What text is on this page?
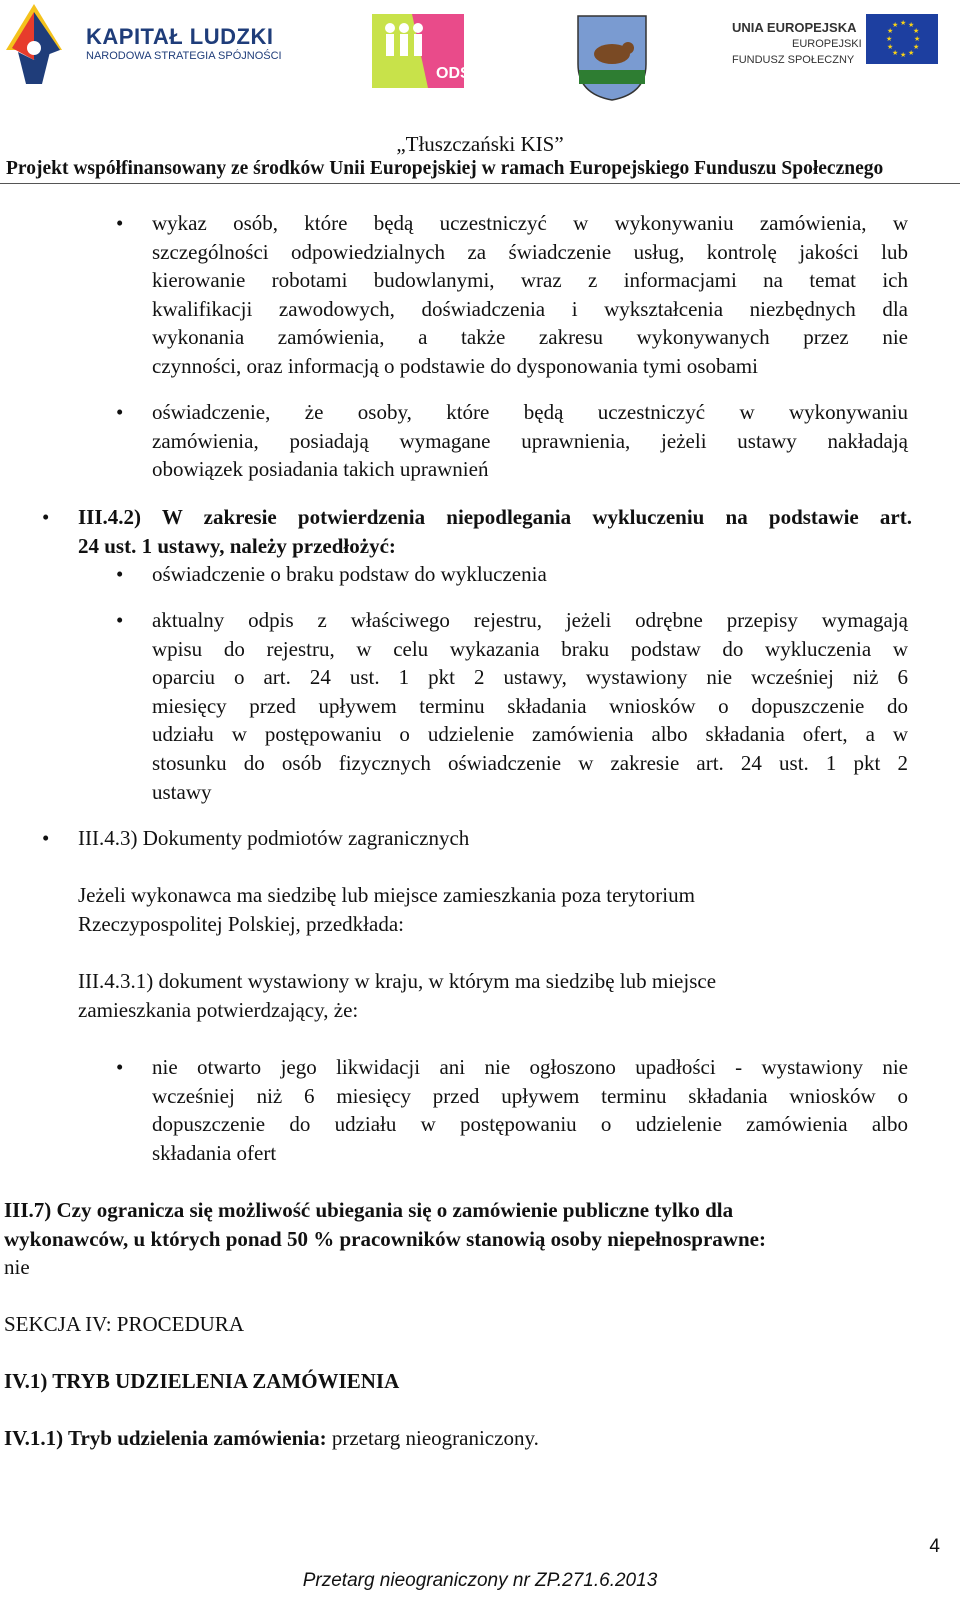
KAPITAŁ LUDZKI
NARODOWA STRATEGIA SPÓJNOŚCI
ODS
UNIA EUROPEJSKA
EUROPEJSKI
FUNDUSZ SPOŁECZNY
★ ★
★
★
★
★
★
★
★
★
★
★
„Tłuszczański KIS”
Projekt współfinansowany ze środków Unii Europejskiej w ramach Europejskiego Funduszu Społecznego
• wykaz osób, które będą uczestniczyć w wykonywaniu zamówienia, w
szczególności odpowiedzialnych za świadczenie usług, kontrolę jakości lub
kierowanie robotami budowlanymi, wraz z informacjami na temat ich
kwalifikacji zawodowych, doświadczenia i wykształcenia niezbędnych dla
wykonania zamówienia, a także zakresu wykonywanych przez nie
czynności, oraz informacją o podstawie do dysponowania tymi osobami
• oświadczenie, że osoby, które będą uczestniczyć w wykonywaniu
zamówienia, posiadają wymagane uprawnienia, jeżeli ustawy nakładają
obowiązek posiadania takich uprawnień
• III.4.2) W zakresie potwierdzenia niepodlegania wykluczeniu na podstawie art.
24 ust. 1 ustawy, należy przedłożyć:
• oświadczenie o braku podstaw do wykluczenia
• aktualny odpis z właściwego rejestru, jeżeli odrębne przepisy wymagają
wpisu do rejestru, w celu wykazania braku podstaw do wykluczenia w
oparciu o art. 24 ust. 1 pkt 2 ustawy, wystawiony nie wcześniej niż 6
miesięcy przed upływem terminu składania wniosków o dopuszczenie do
udziału w postępowaniu o udzielenie zamówienia albo składania ofert, a w
stosunku do osób fizycznych oświadczenie w zakresie art. 24 ust. 1 pkt 2
ustawy
• III.4.3) Dokumenty podmiotów zagranicznych
Jeżeli wykonawca ma siedzibę lub miejsce zamieszkania poza terytorium
Rzeczypospolitej Polskiej, przedkłada:
III.4.3.1) dokument wystawiony w kraju, w którym ma siedzibę lub miejsce
zamieszkania potwierdzający, że:
• nie otwarto jego likwidacji ani nie ogłoszono upadłości - wystawiony nie
wcześniej niż 6 miesięcy przed upływem terminu składania wniosków o
dopuszczenie do udziału w postępowaniu o udzielenie zamówienia albo
składania ofert
III.7) Czy ogranicza się możliwość ubiegania się o zamówienie publiczne tylko dla
wykonawców, u których ponad 50 % pracowników stanowią osoby niepełnosprawne:
nie
SEKCJA IV: PROCEDURA
IV.1) TRYB UDZIELENIA ZAMÓWIENIA
IV.1.1) Tryb udzielenia zamówienia: przetarg nieograniczony.
4
Przetarg nieograniczony nr ZP.271.6.2013
